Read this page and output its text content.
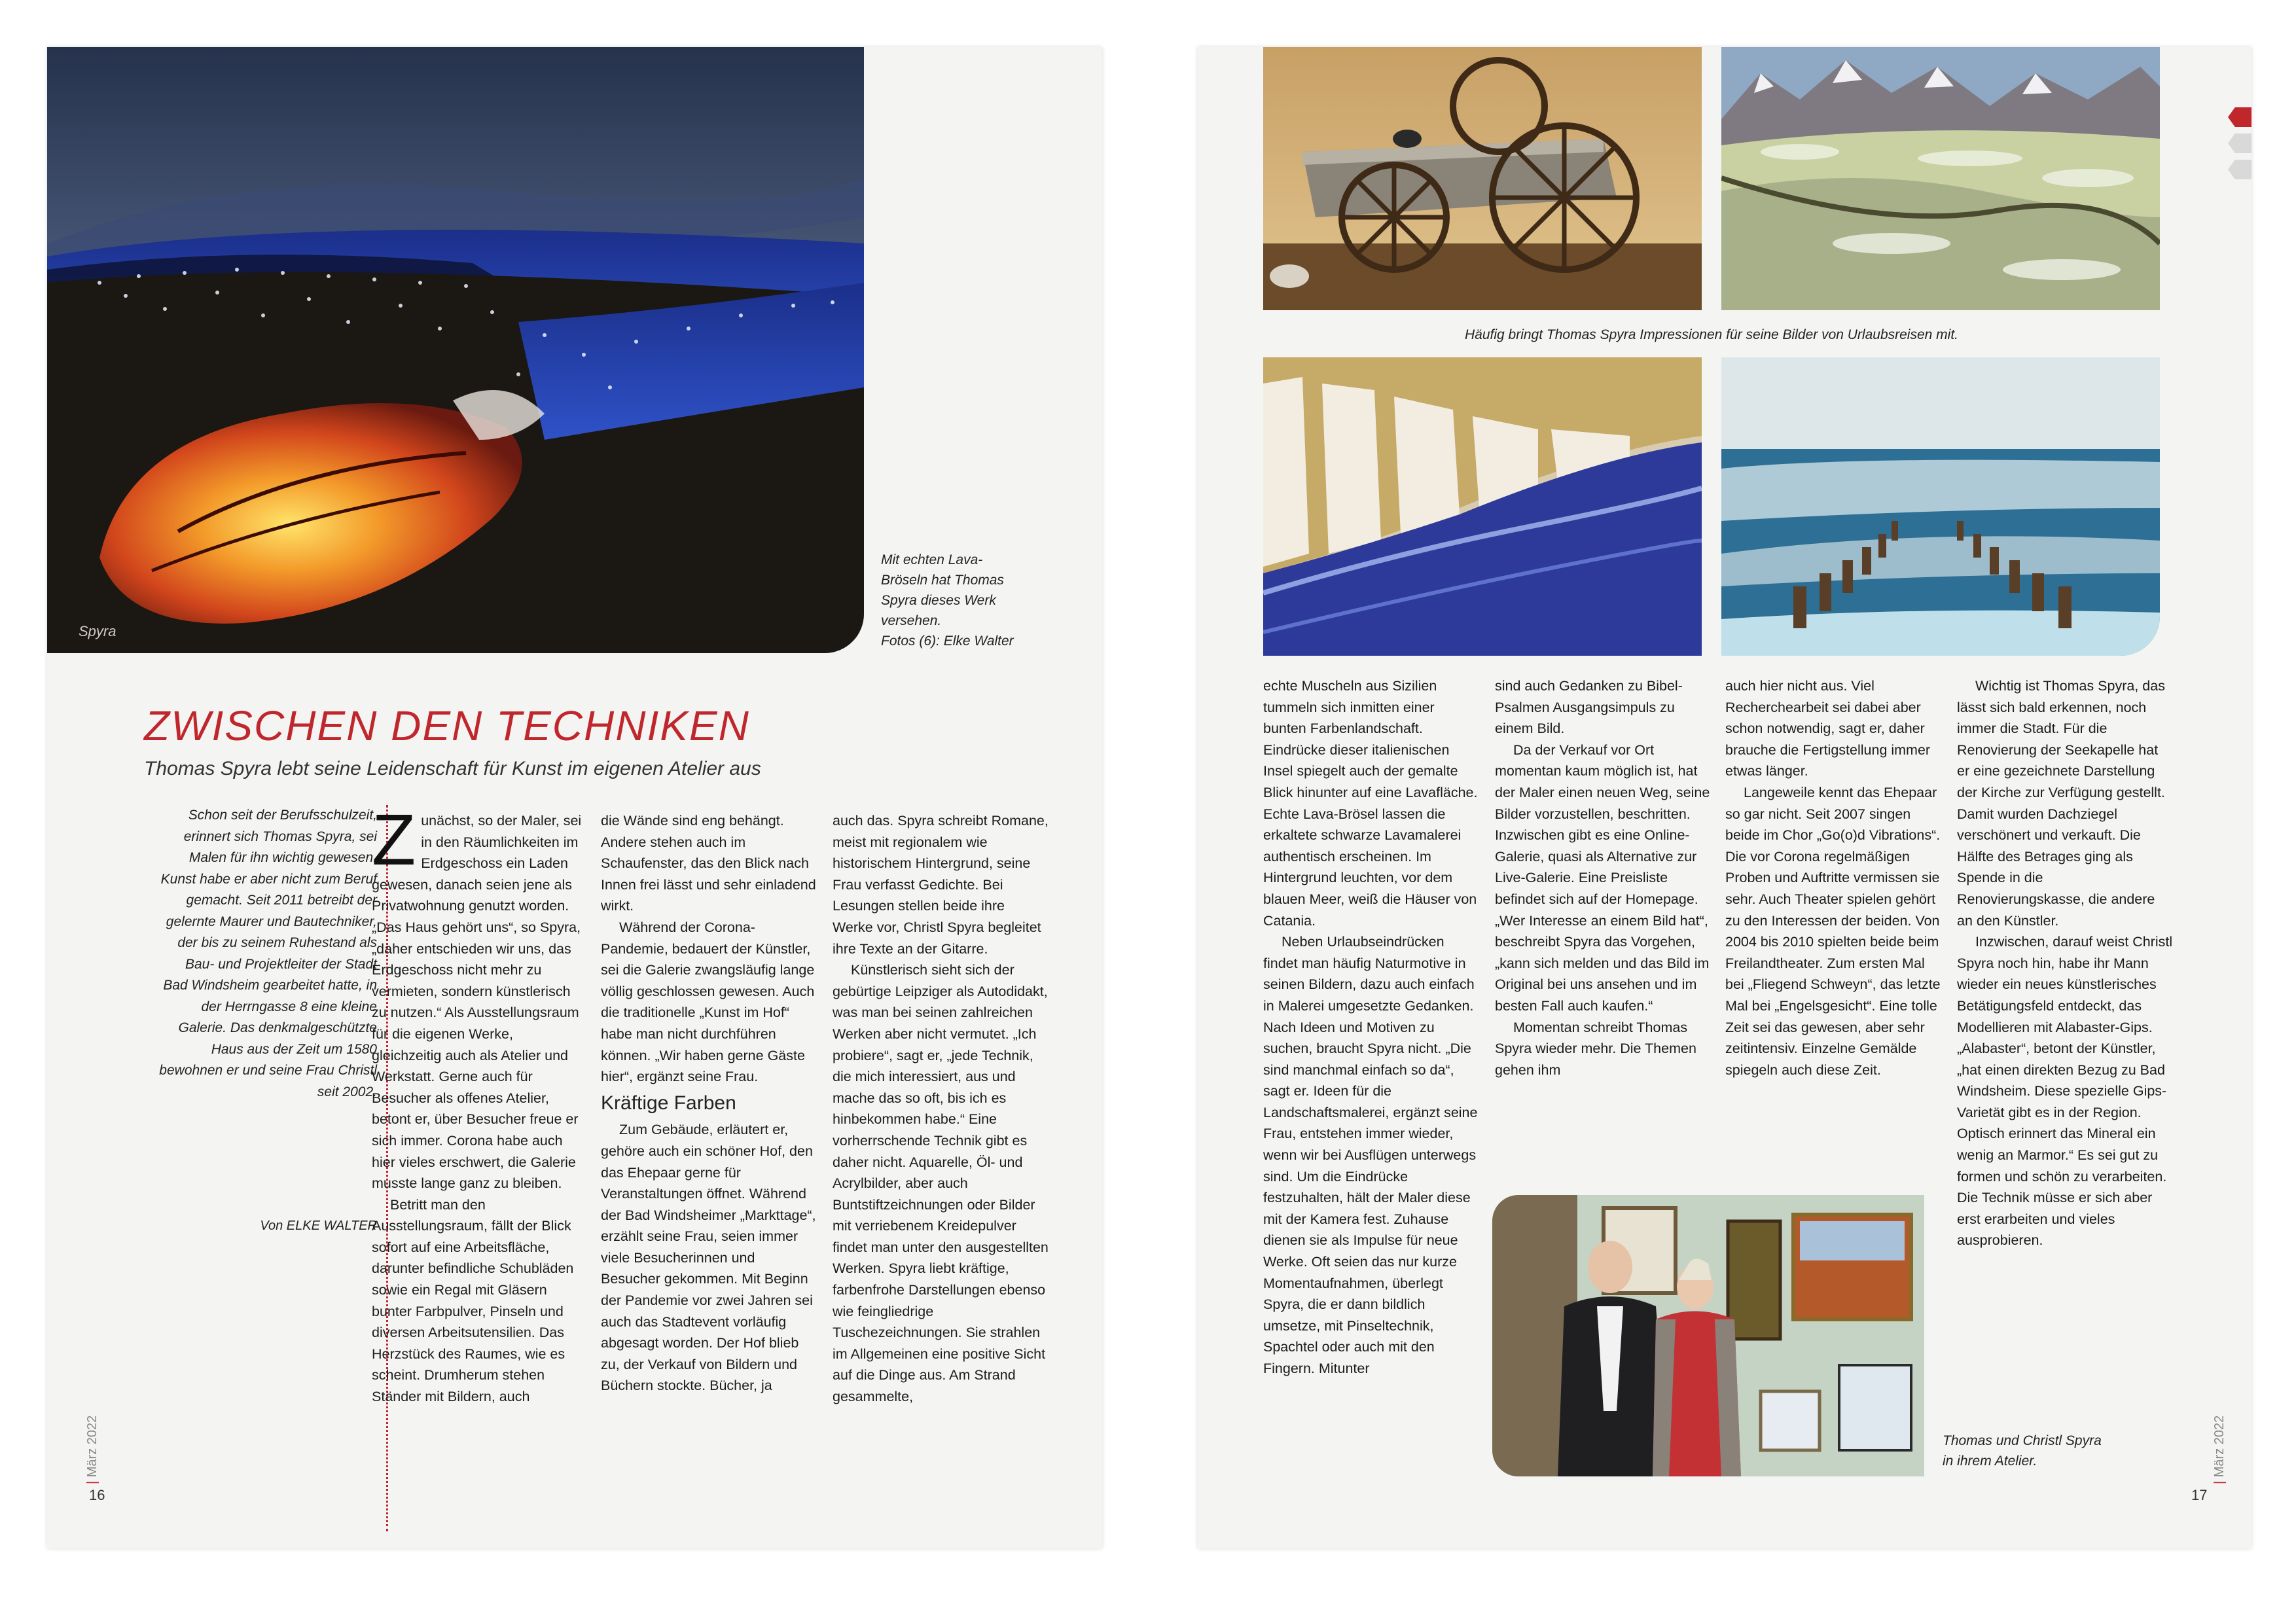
Spyra
Mit echten Lava-
Bröseln hat Thomas
Spyra dieses Werk
versehen.
Fotos (6): Elke Walter
ZWISCHEN DEN TECHNIKEN
Thomas Spyra lebt seine Leidenschaft für Kunst im eigenen Atelier aus
Schon seit der Berufsschulzeit, erinnert sich Thomas Spyra, sei Malen für ihn wichtig gewesen. Kunst habe er aber nicht zum Beruf gemacht. Seit 2011 betreibt der gelernte Maurer und Bautechniker, der bis zu seinem Ruhestand als Bau- und Projektleiter der Stadt Bad Windsheim gearbeitet hatte, in der Herrngasse 8 eine kleine Galerie. Das denkmalgeschützte Haus aus der Zeit um 1580 bewohnen er und seine Frau Christl seit 2002.
Von ELKE WALTER

Zunächst, so der Maler, sei in den Räumlichkeiten im Erdgeschoss ein Laden gewesen, danach seien jene als Privatwohnung genutzt worden. „Das Haus gehört uns“, so Spyra, „daher entschieden wir uns, das Erdgeschoss nicht mehr zu vermieten, sondern künstlerisch zu nutzen.“ Als Ausstellungsraum für die eigenen Werke, gleichzeitig auch als Atelier und Werkstatt. Gerne auch für Besucher als offenes Atelier, betont er, über Besucher freue er sich immer. Corona habe auch hier vieles erschwert, die Galerie musste lange ganz zu bleiben.

Betritt man den Ausstellungsraum, fällt der Blick sofort auf eine Arbeitsfläche, darunter befindliche Schubläden sowie ein Regal mit Gläsern bunter Farbpulver, Pinseln und diversen Arbeitsutensilien. Das Herzstück des Raumes, wie es scheint. Drumherum stehen Ständer mit Bildern, auch

die Wände sind eng behängt. Andere stehen auch im Schaufenster, das den Blick nach Innen frei lässt und sehr einladend wirkt.

Während der Corona-Pandemie, bedauert der Künstler, sei die Galerie zwangsläufig lange völlig geschlossen gewesen. Auch die traditionelle „Kunst im Hof“ habe man nicht durchführen können. „Wir haben gerne Gäste hier“, ergänzt seine Frau.

Kräftige Farben

Zum Gebäude, erläutert er, gehöre auch ein schöner Hof, den das Ehepaar gerne für Veranstaltungen öffnet. Während der Bad Windsheimer „Markttage“, erzählt seine Frau, seien immer viele Besucherinnen und Besucher gekommen. Mit Beginn der Pandemie vor zwei Jahren sei auch das Stadtevent vorläufig abgesagt worden. Der Hof blieb zu, der Verkauf von Bildern und Büchern stockte. Bücher, ja

auch das. Spyra schreibt Romane, meist mit regionalem wie historischem Hintergrund, seine Frau verfasst Gedichte. Bei Lesungen stellen beide ihre Werke vor, Christl Spyra begleitet ihre Texte an der Gitarre.

Künstlerisch sieht sich der gebürtige Leipziger als Autodidakt, was man bei seinen zahlreichen Werken aber nicht vermutet. „Ich probiere“, sagt er, „jede Technik, die mich interessiert, aus und mache das so oft, bis ich es hinbekommen habe.“ Eine vorherrschende Technik gibt es daher nicht. Aquarelle, Öl- und Acrylbilder, aber auch Buntstiftzeichnungen oder Bilder mit verriebenem Kreidepulver findet man unter den ausgestellten Werken. Spyra liebt kräftige, farbenfrohe Darstellungen ebenso wie feingliedrige Tuschezeichnungen. Sie strahlen im Allgemeinen eine positive Sicht auf die Dinge aus. Am Strand gesammelte,

| März 2022
16
Häufig bringt Thomas Spyra Impressionen für seine Bilder von Urlaubsreisen mit.

echte Muscheln aus Sizilien tummeln sich inmitten einer bunten Farbenlandschaft. Eindrücke dieser italienischen Insel spiegelt auch der gemalte Blick hinunter auf eine Lavafläche. Echte Lava-Brösel lassen die erkaltete schwarze Lavamalerei authentisch erscheinen. Im Hintergrund leuchten, vor dem blauen Meer, weiß die Häuser von Catania.

Neben Urlaubseindrücken findet man häufig Naturmotive in seinen Bildern, dazu auch einfach in Malerei umgesetzte Gedanken. Nach Ideen und Motiven zu suchen, braucht Spyra nicht. „Die sind manchmal einfach so da“, sagt er. Ideen für die Landschaftsmalerei, ergänzt seine Frau, entstehen immer wieder, wenn wir bei Ausflügen unterwegs sind. Um die Eindrücke festzuhalten, hält der Maler diese mit der Kamera fest. Zuhause dienen sie als Impulse für neue Werke. Oft seien das nur kurze Momentaufnahmen, überlegt Spyra, die er dann bildlich umsetze, mit Pinseltechnik, Spachtel oder auch mit den Fingern. Mitunter

sind auch Gedanken zu Bibel-Psalmen Ausgangsimpuls zu einem Bild.

Da der Verkauf vor Ort momentan kaum möglich ist, hat der Maler einen neuen Weg, seine Bilder vorzustellen, beschritten. Inzwischen gibt es eine Online-Galerie, quasi als Alternative zur Live-Galerie. Eine Preisliste befindet sich auf der Homepage. „Wer Interesse an einem Bild hat“, beschreibt Spyra das Vorgehen, „kann sich melden und das Bild im Original bei uns ansehen und im besten Fall auch kaufen.“

Momentan schreibt Thomas Spyra wieder mehr. Die Themen gehen ihm

auch hier nicht aus. Viel Recherchearbeit sei dabei aber schon notwendig, sagt er, daher brauche die Fertigstellung immer etwas länger.

Langeweile kennt das Ehepaar so gar nicht. Seit 2007 singen beide im Chor „Go(o)d Vibrations“. Die vor Corona regelmäßigen Proben und Auftritte vermissen sie sehr. Auch Theater spielen gehört zu den Interessen der beiden. Von 2004 bis 2010 spielten beide beim Freilandtheater. Zum ersten Mal bei „Fliegend Schweyn“, das letzte Mal bei „Engelsgesicht“. Eine tolle Zeit sei das gewesen, aber sehr zeitintensiv. Einzelne Gemälde spiegeln auch diese Zeit.

Wichtig ist Thomas Spyra, das lässt sich bald erkennen, noch immer die Stadt. Für die Renovierung der Seekapelle hat er eine gezeichnete Darstellung der Kirche zur Verfügung gestellt. Damit wurden Dachziegel verschönert und verkauft. Die Hälfte des Betrages ging als Spende in die Renovierungskasse, die andere an den Künstler.

Inzwischen, darauf weist Christl Spyra noch hin, habe ihr Mann wieder ein neues künstlerisches Betätigungsfeld entdeckt, das Modellieren mit Alabaster-Gips. „Alabaster“, betont der Künstler, „hat einen direkten Bezug zu Bad Windsheim. Diese spezielle Gips-Varietät gibt es in der Region. Optisch erinnert das Mineral ein wenig an Marmor.“ Es sei gut zu formen und schön zu verarbeiten. Die Technik müsse er sich aber erst erarbeiten und vieles ausprobieren.

Thomas und Christl Spyra
in ihrem Atelier.
| März 2022
17
